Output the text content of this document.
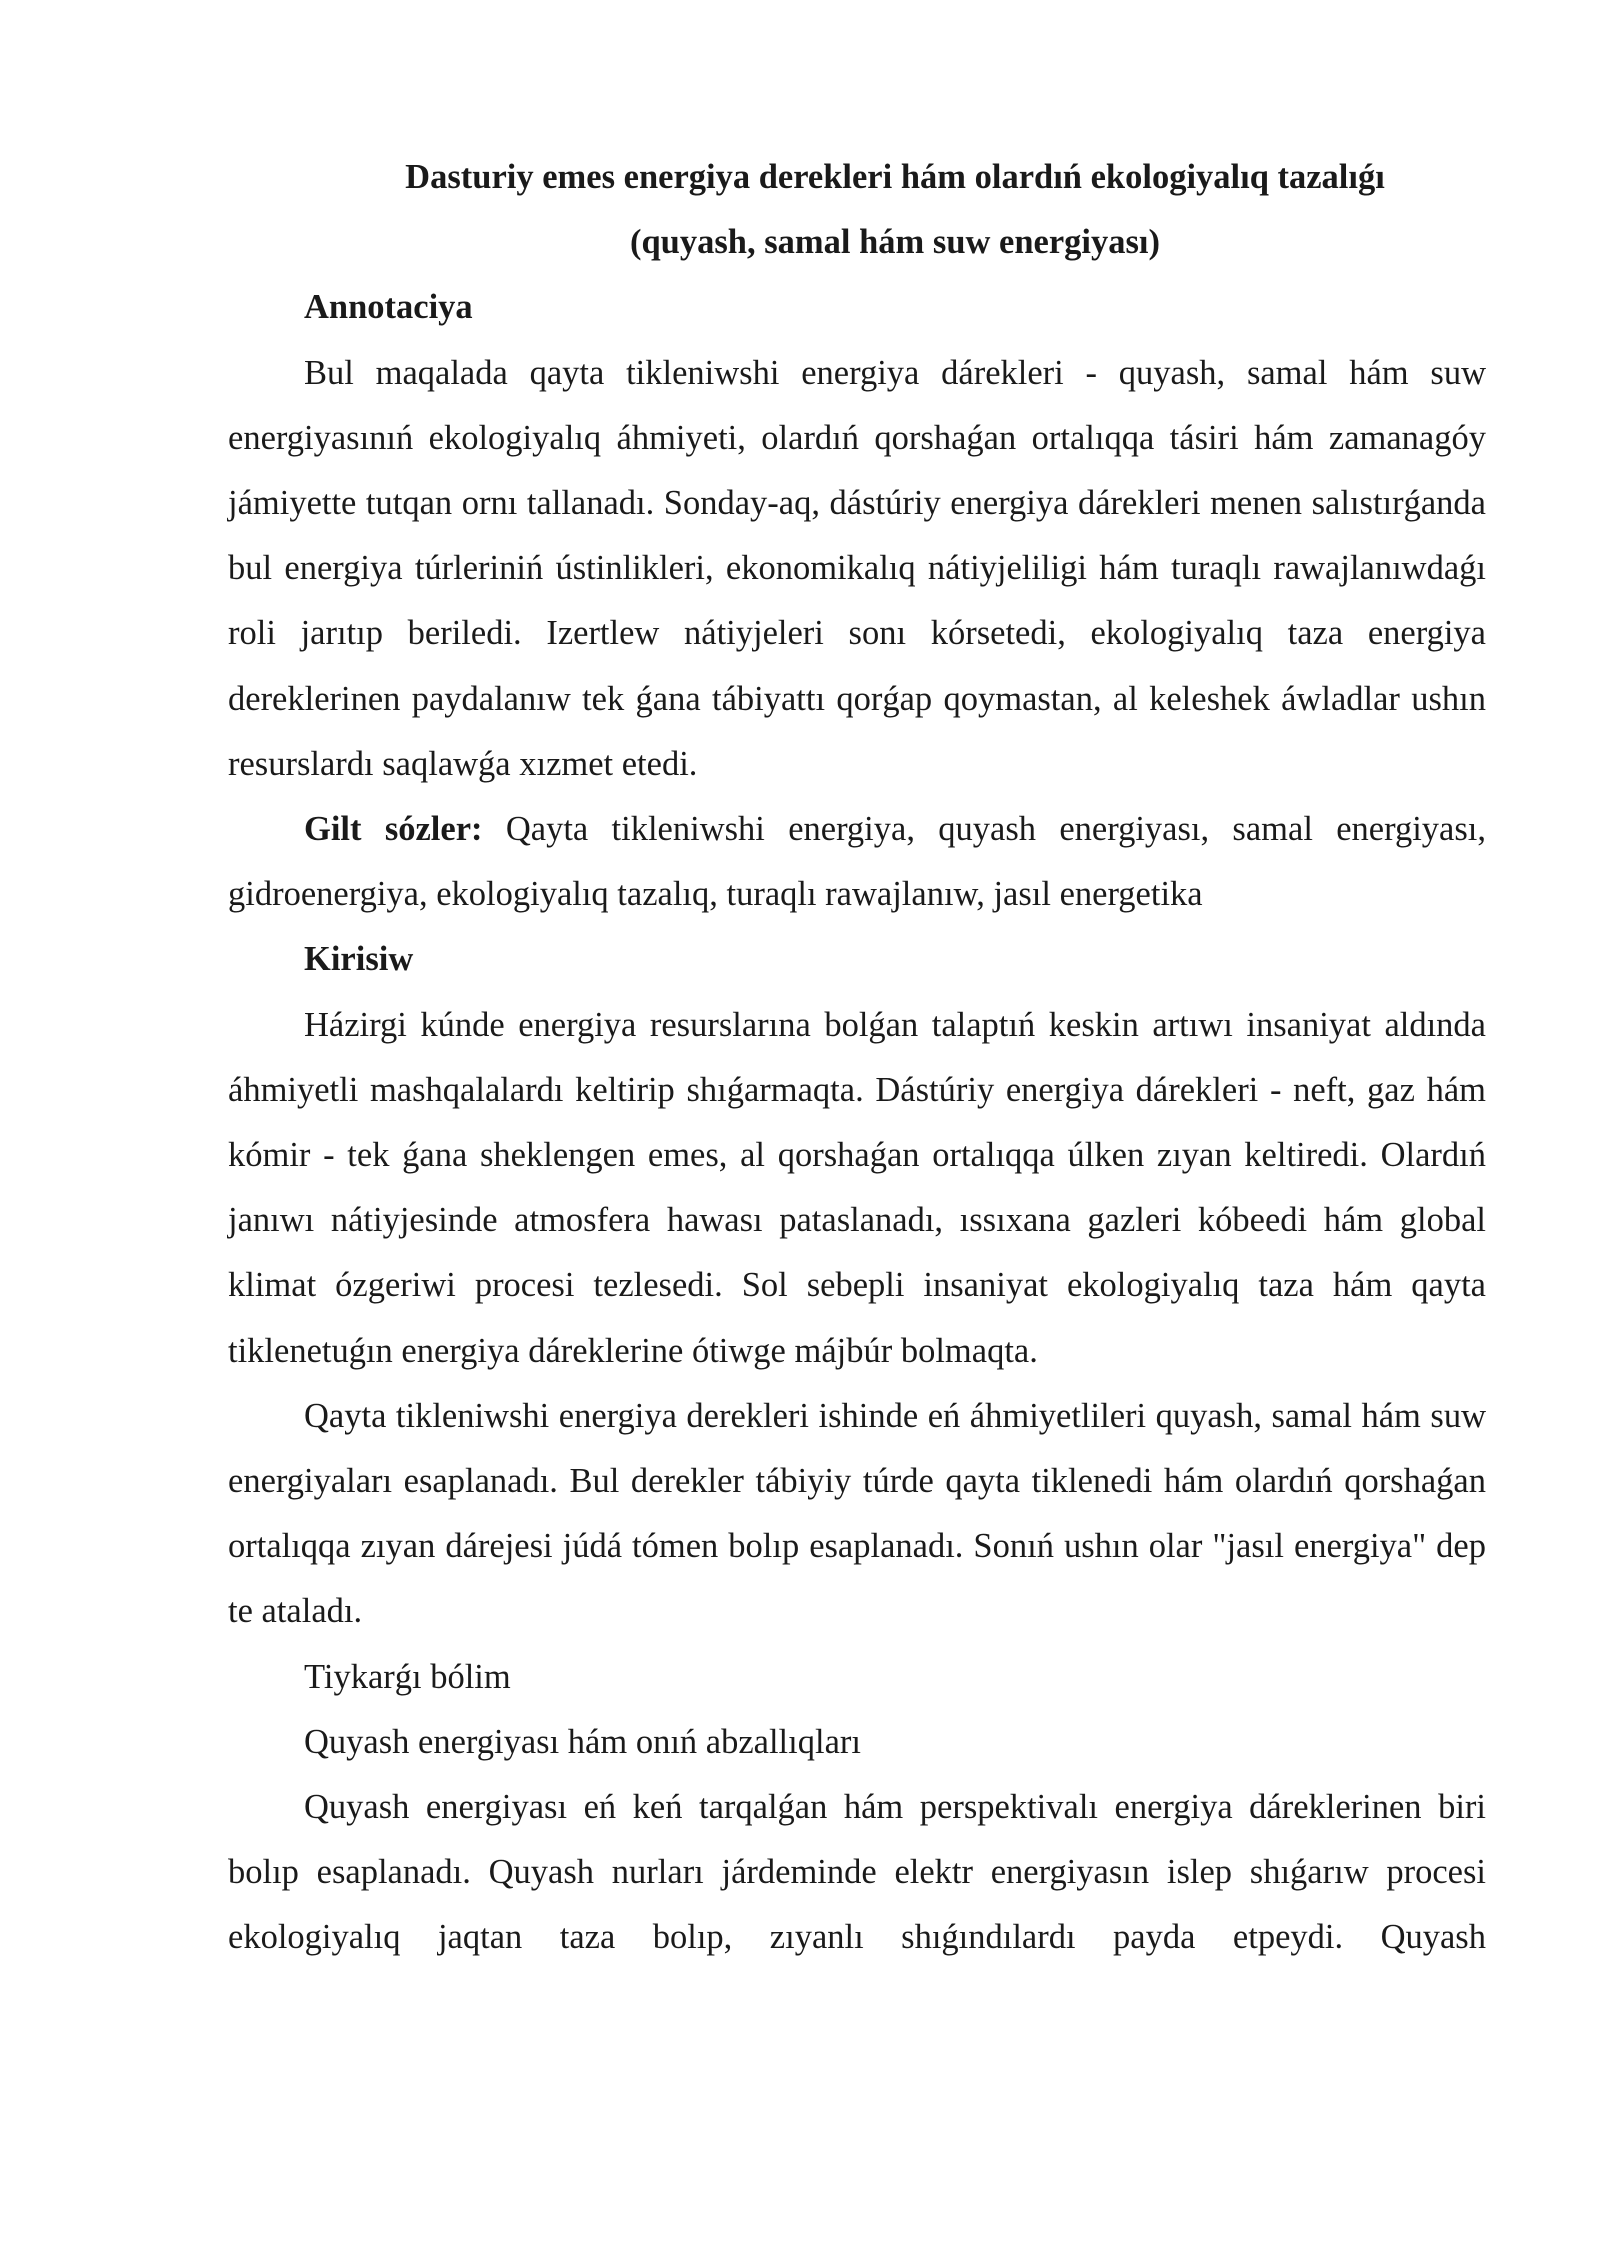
Dasturiy emes energiya derekleri hám olardıń ekologiyalıq tazalıǵı

(quyash, samal hám suw energiyası)

Annotaciya

Bul maqalada qayta tikleniwshi energiya dárekleri - quyash, samal hám suw energiyasınıń ekologiyalıq áhmiyeti, olardıń qorshaǵan ortalıqqa tásiri hám zamanagóy jámiyette tutqan ornı tallanadı. Sonday-aq, dástúriy energiya dárekleri menen salıstırǵanda bul energiya túrleriniń ústinlikleri, ekonomikalıq nátiyjeliligi hám turaqlı rawajlanıwdaǵı roli jarıtıp beriledi. Izertlew nátiyjeleri sonı kórsetedi, ekologiyalıq taza energiya dereklerinen paydalanıw tek ǵana tábiyattı qorǵap qoymastan, al keleshek áwladlar ushın resurslardı saqlawǵa xızmet etedi.

Gilt sózler: Qayta tikleniwshi energiya, quyash energiyası, samal energiyası, gidroenergiya, ekologiyalıq tazalıq, turaqlı rawajlanıw, jasıl energetika

Kirisiw

Házirgi kúnde energiya resurslarına bolǵan talaptıń keskin artıwı insaniyat aldında áhmiyetli mashqalalardı keltirip shıǵarmaqta. Dástúriy energiya dárekleri - neft, gaz hám kómir - tek ǵana sheklengen emes, al qorshaǵan ortalıqqa úlken zıyan keltiredi. Olardıń janıwı nátiyjesinde atmosfera hawası pataslanadı, ıssıxana gazleri kóbeedi hám global klimat ózgeriwi procesi tezlesedi. Sol sebepli insaniyat ekologiyalıq taza hám qayta tiklenetuǵın energiya dáreklerine ótiwge májbúr bolmaqta.

Qayta tikleniwshi energiya derekleri ishinde eń áhmiyetlileri quyash, samal hám suw energiyaları esaplanadı. Bul derekler tábiyiy túrde qayta tiklenedi hám olardıń qorshaǵan ortalıqqa zıyan dárejesi júdá tómen bolıp esaplanadı. Sonıń ushın olar "jasıl energiya" dep te ataladı.

Tiykarǵı bólim

Quyash energiyası hám onıń abzallıqları

Quyash energiyası eń keń tarqalǵan hám perspektivalı energiya dáreklerinen biri bolıp esaplanadı. Quyash nurları járdeminde elektr energiyasın islep shıǵarıw procesi ekologiyalıq jaqtan taza bolıp, zıyanlı shıǵındılardı payda etpeydi. Quyash
